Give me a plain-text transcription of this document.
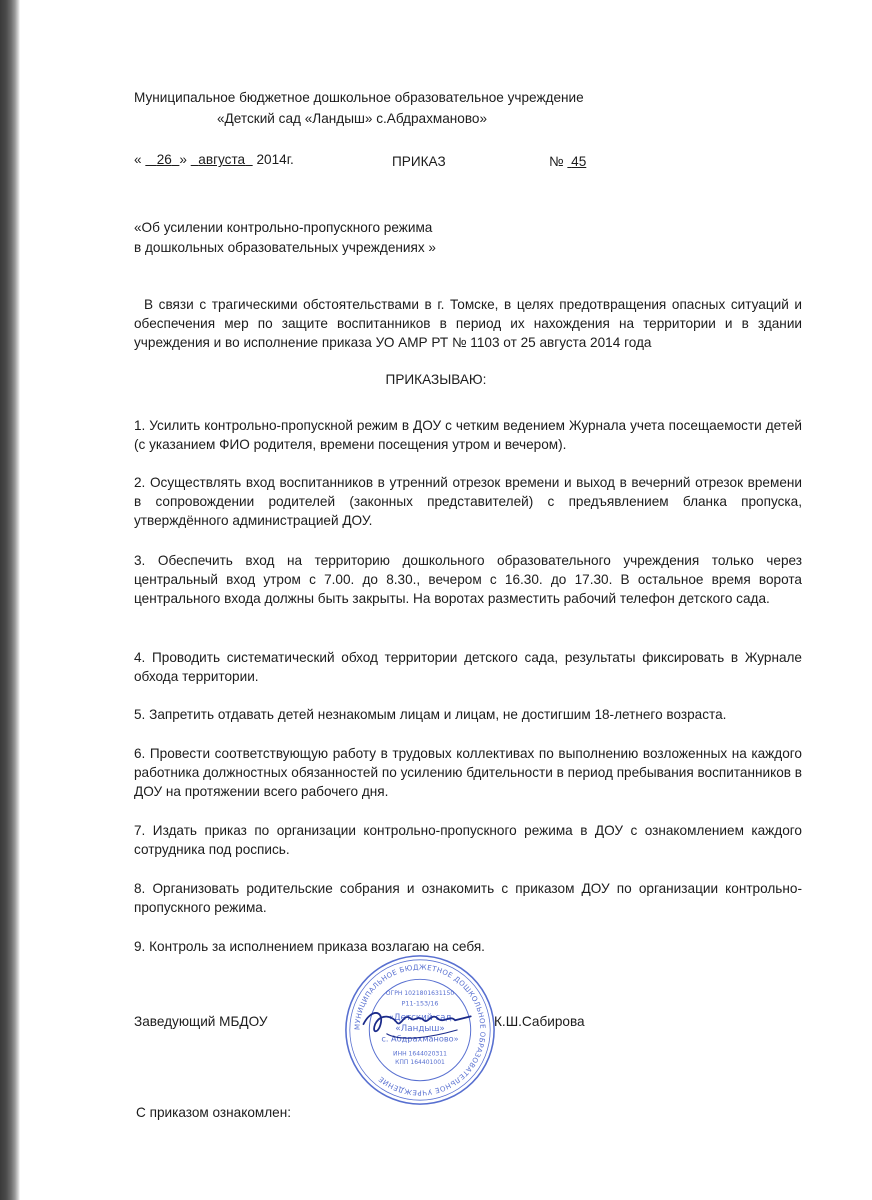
Муниципальное бюджетное дошкольное образовательное учреждение
«Детский сад «Ландыш» с.Абдрахманово»
« 26 » августа 2014г.	ПРИКАЗ	№ 45
«Об усилении контрольно-пропускного режима
в дошкольных образовательных учреждениях »
В связи с трагическими обстоятельствами в г. Томске, в целях предотвращения опасных ситуаций и обеспечения мер по защите воспитанников в период их нахождения на территории и в здании учреждения и во исполнение приказа УО АМР РТ № 1103 от 25 августа 2014 года
ПРИКАЗЫВАЮ:
1. Усилить контрольно-пропускной режим в ДОУ с четким ведением Журнала учета посещаемости детей (с указанием ФИО родителя, времени посещения утром и вечером).
2. Осуществлять вход воспитанников в утренний отрезок времени и выход в вечерний отрезок времени в сопровождении родителей (законных представителей) с предъявлением бланка пропуска, утверждённого администрацией ДОУ.
3. Обеспечить вход на территорию дошкольного образовательного учреждения только через центральный вход утром с 7.00. до 8.30., вечером с 16.30. до 17.30. В остальное время ворота центрального входа должны быть закрыты. На воротах разместить рабочий телефон детского сада.
4. Проводить систематический обход территории детского сада, результаты фиксировать в Журнале обхода территории.
5. Запретить отдавать детей незнакомым лицам и лицам, не достигшим 18-летнего возраста.
6. Провести соответствующую работу в трудовых коллективах по выполнению возложенных на каждого работника должностных обязанностей по усилению бдительности в период пребывания воспитанников в ДОУ на протяжении всего рабочего дня.
7. Издать приказ по организации контрольно-пропускного режима в ДОУ с ознакомлением каждого сотрудника под роспись.
8. Организовать родительские собрания и ознакомить с приказом ДОУ по организации контрольно-пропускного режима.
9. Контроль за исполнением приказа возлагаю на себя.
Заведующий МБДОУ	К.Ш.Сабирова
МУНИЦИПАЛЬНОЕ БЮДЖЕТНОЕ ДОШКОЛЬНОЕ ОБРАЗОВАТЕЛЬНОЕ УЧРЕЖДЕНИЕ
ОГРН 1021801631150
Р11-153/16
«Детский сад
«Ландыш»
с. Абдрахманово»
ИНН 1644020311
КПП 164401001
С приказом ознакомлен:
